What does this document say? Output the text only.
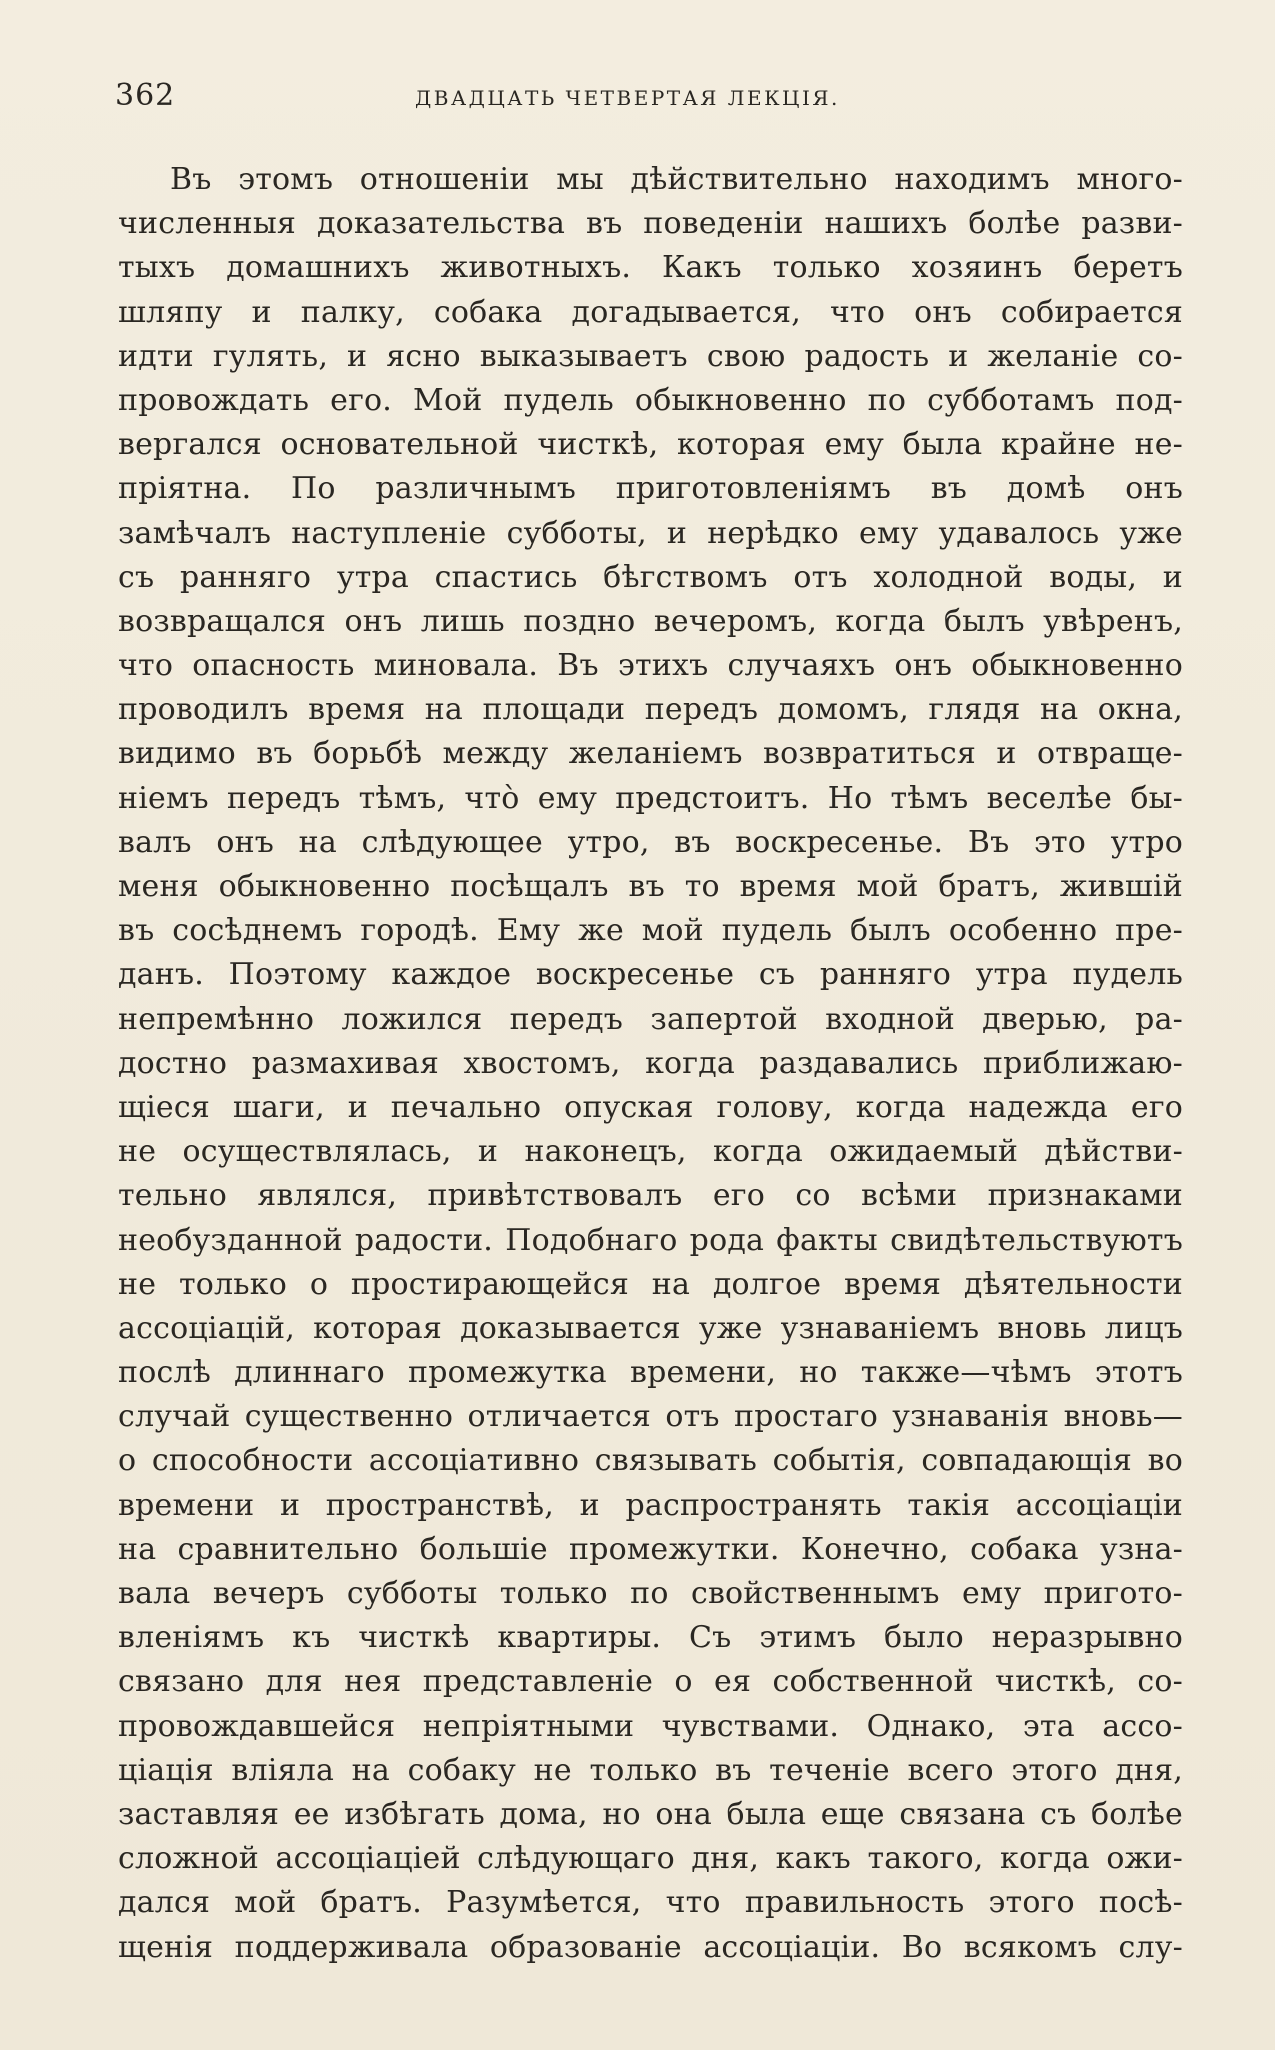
362	ДВАДЦАТЬ ЧЕТВЕРТАЯ ЛЕКЦІЯ.
Въ этомъ отношеніи мы дѣйствительно находимъ много-
численныя доказательства въ поведеніи нашихъ болѣе разви-
тыхъ домашнихъ животныхъ. Какъ только хозяинъ беретъ
шляпу и палку, собака догадывается, что онъ собирается
идти гулять, и ясно выказываетъ свою радость и желаніе со-
провождать его. Мой пудель обыкновенно по субботамъ под-
вергался основательной чисткѣ, которая ему была крайне не-
пріятна. По различнымъ приготовленіямъ въ домѣ онъ
замѣчалъ наступленіе субботы, и нерѣдко ему удавалось уже
съ ранняго утра спастись бѣгствомъ отъ холодной воды, и
возвращался онъ лишь поздно вечеромъ, когда былъ увѣренъ,
что опасность миновала. Въ этихъ случаяхъ онъ обыкновенно
проводилъ время на площади передъ домомъ, глядя на окна,
видимо въ борьбѣ между желаніемъ возвратиться и отвраще-
ніемъ передъ тѣмъ, что̀ ему предстоитъ. Но тѣмъ веселѣе бы-
валъ онъ на слѣдующее утро, въ воскресенье. Въ это утро
меня обыкновенно посѣщалъ въ то время мой братъ, жившій
въ сосѣднемъ городѣ. Ему же мой пудель былъ особенно пре-
данъ. Поэтому каждое воскресенье съ ранняго утра пудель
непремѣнно ложился передъ запертой входной дверью, ра-
достно размахивая хвостомъ, когда раздавались приближаю-
щіеся шаги, и печально опуская голову, когда надежда его
не осуществлялась, и наконецъ, когда ожидаемый дѣйстви-
тельно являлся, привѣтствовалъ его со всѣми признаками
необузданной радости. Подобнаго рода факты свидѣтельствуютъ
не только о простирающейся на долгое время дѣятельности
ассоціацій, которая доказывается уже узнаваніемъ вновь лицъ
послѣ длиннаго промежутка времени, но также—чѣмъ этотъ
случай существенно отличается отъ простаго узнаванія вновь—
о способности ассоціативно связывать событія, совпадающія во
времени и пространствѣ, и распространять такія ассоціаціи
на сравнительно большіе промежутки. Конечно, собака узна-
вала вечеръ субботы только по свойственнымъ ему пригото-
вленіямъ къ чисткѣ квартиры. Съ этимъ было неразрывно
связано для нея представленіе о ея собственной чисткѣ, со-
провождавшейся непріятными чувствами. Однако, эта ассо-
ціація вліяла на собаку не только въ теченіе всего этого дня,
заставляя ее избѣгать дома, но она была еще связана съ болѣе
сложной ассоціаціей слѣдующаго дня, какъ такого, когда ожи-
дался мой братъ. Разумѣется, что правильность этого посѣ-
щенія поддерживала образованіе ассоціаціи. Во всякомъ слу-
